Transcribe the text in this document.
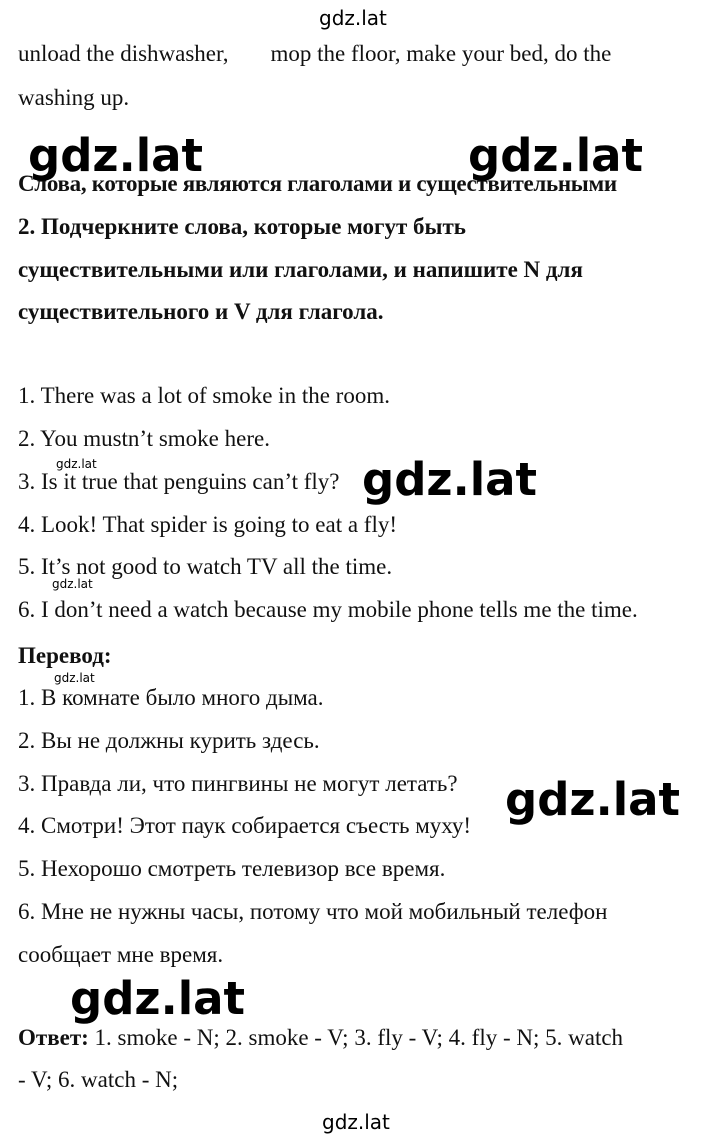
gdz.lat

unload the dishwasher, mop the floor, make your bed, do the

washing up.

Слова, которые являются глаголами и существительными

2. Подчеркните слова, которые могут быть

существительными или глаголами, и напишите N для

существительного и V для глагола.

gdz.lat	gdz.lat

1. There was a lot of smoke in the room.

2. You mustn’t smoke here.

3. Is it true that penguins can’t fly?

4. Look! That spider is going to eat a fly!

5. It’s not good to watch TV all the time.

6. I don’t need a watch because my mobile phone tells me the time.

gdz.lat	gdz.lat
gdz.lat

Перевод:

gdz.lat

1. В комнате было много дыма.

2. Вы не должны курить здесь.

3. Правда ли, что пингвины не могут летать?

4. Смотри! Этот паук собирается съесть муху!

5. Нехорошо смотреть телевизор все время.

6. Мне не нужны часы, потому что мой мобильный телефон

сообщает мне время.

gdz.lat
gdz.lat

Ответ: 1. smoke - N; 2. smoke - V; 3. fly - V; 4. fly - N; 5. watch

- V; 6. watch - N;

gdz.lat
